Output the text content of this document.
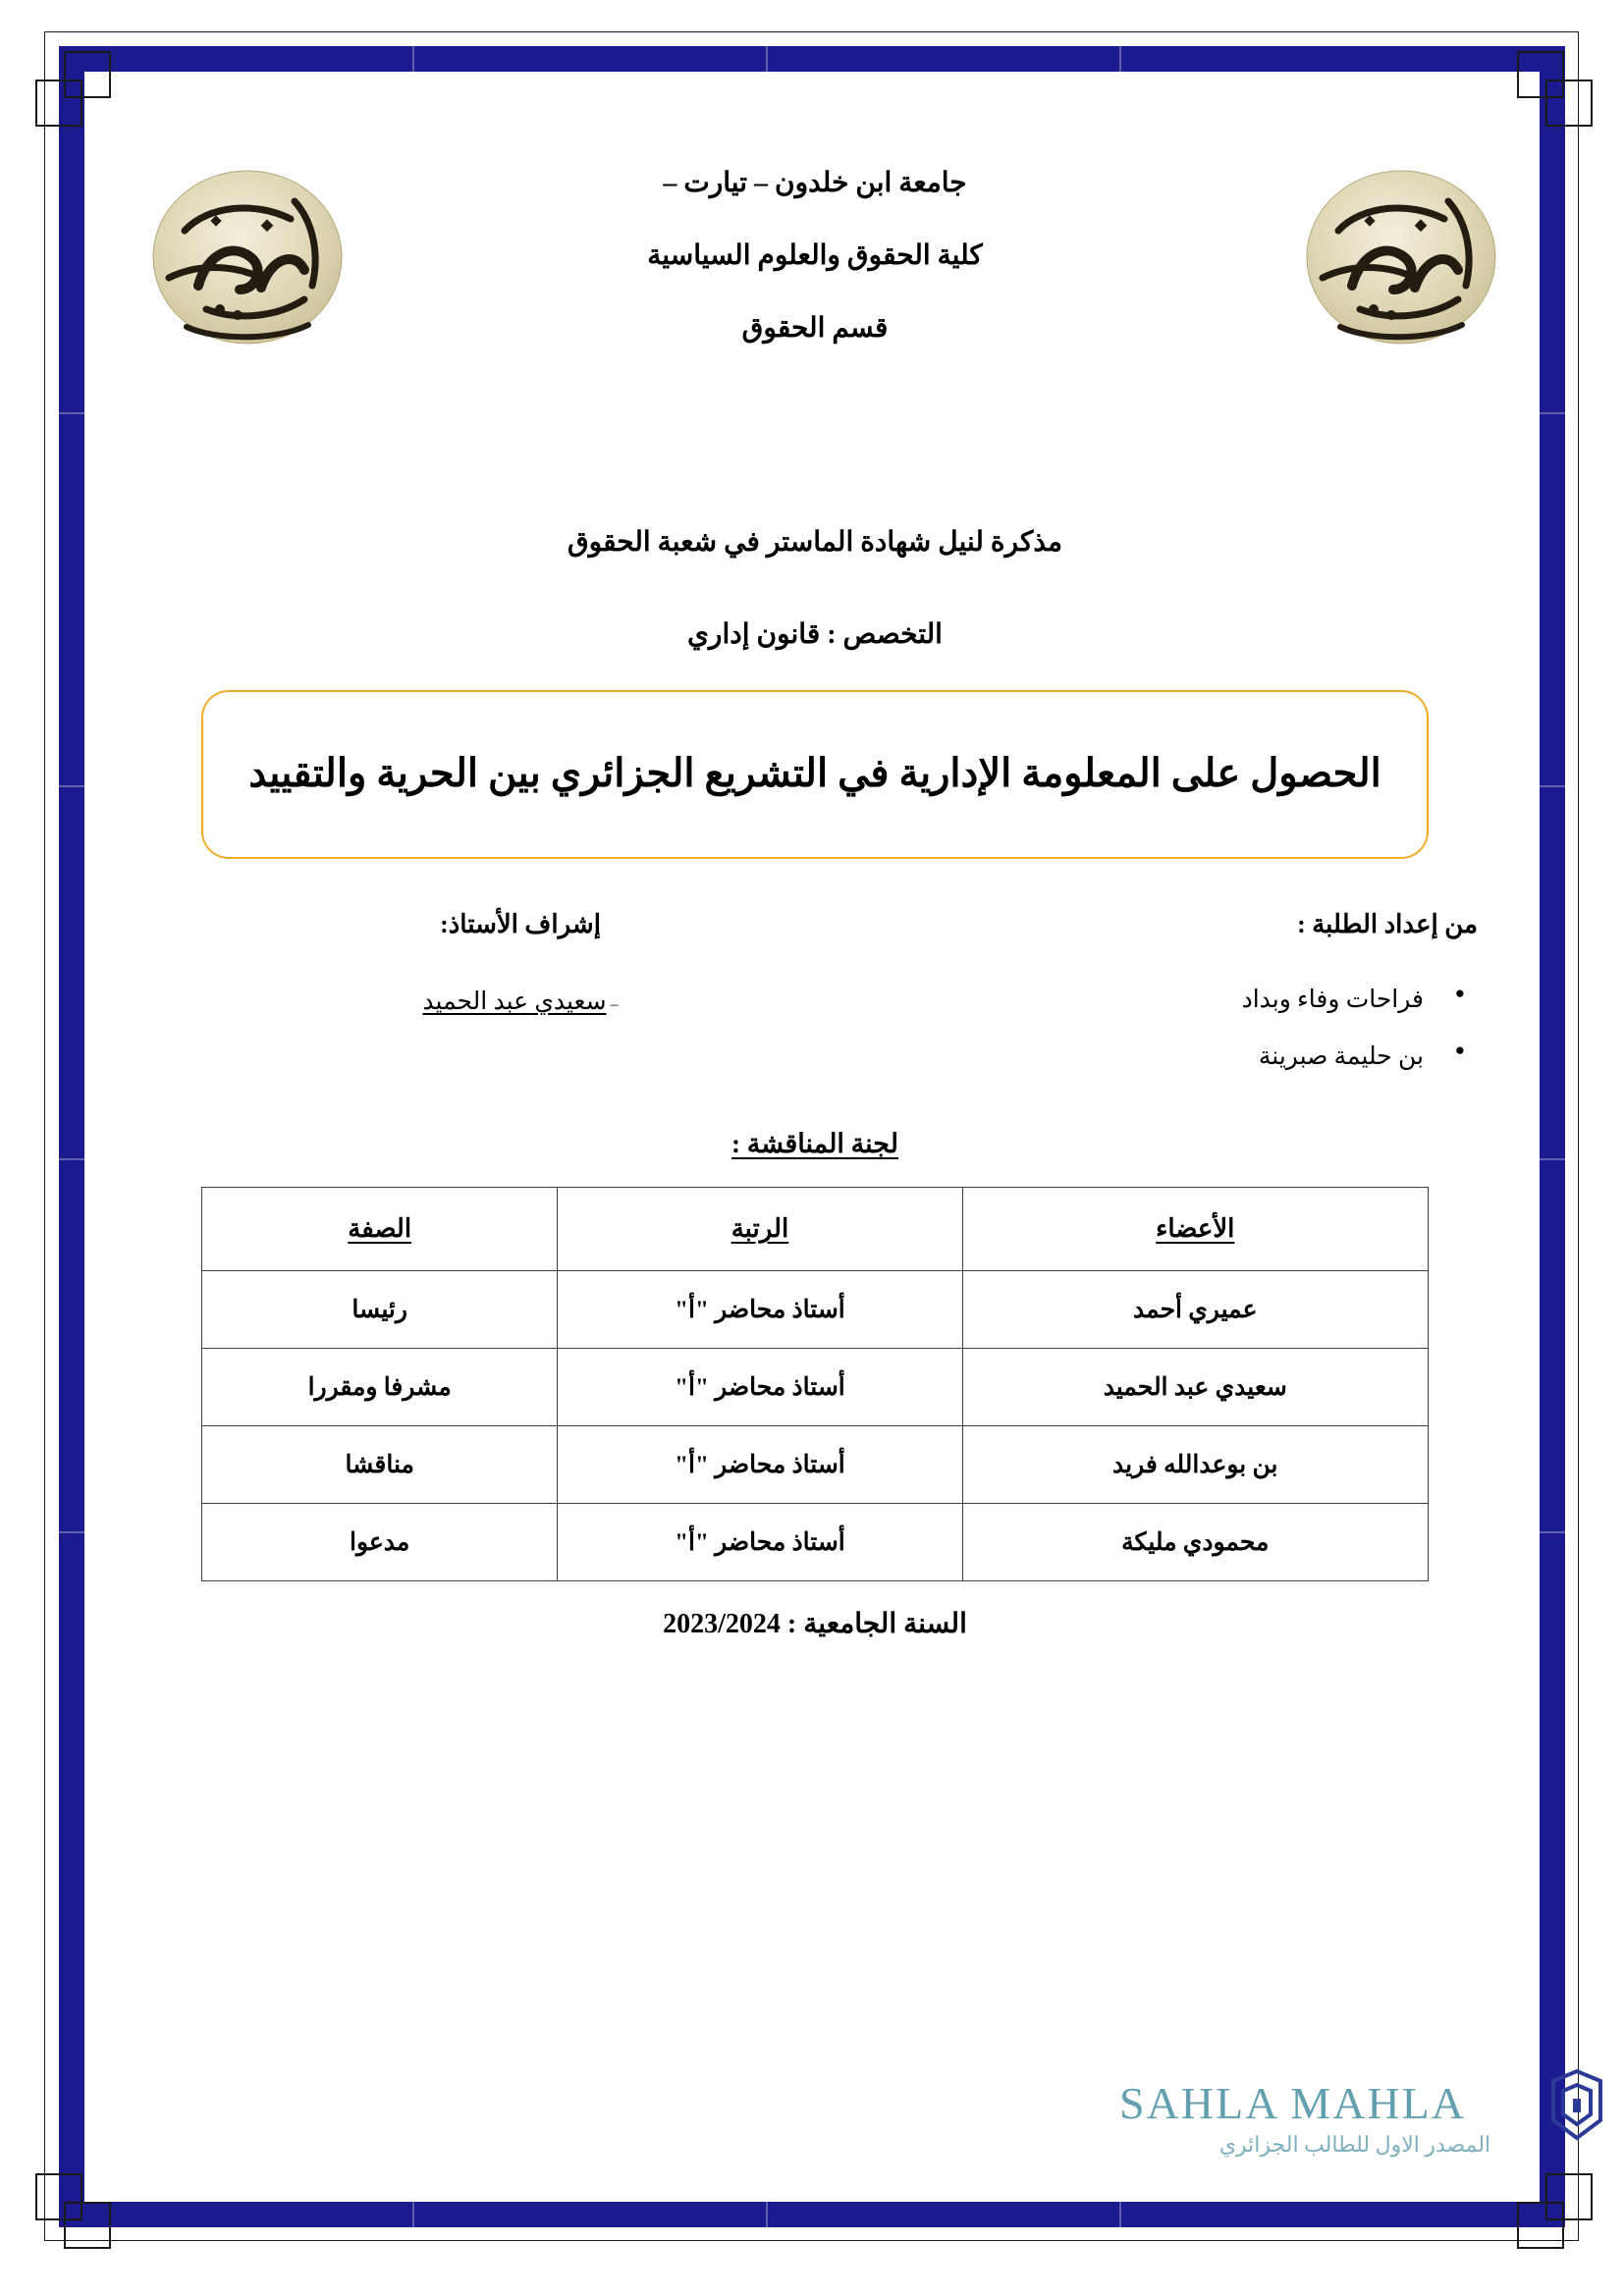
جامعة ابن خلدون – تيارت –
كلية الحقوق والعلوم السياسية
قسم الحقوق
مذكرة لنيل شهادة الماستر في شعبة الحقوق
التخصص : قانون إداري
الحصول على المعلومة الإدارية في التشريع الجزائري بين الحرية والتقييد
من إعداد الطلبة :
● فراحات وفاء وبداد
● بن حليمة صبرينة
إشراف الأستاذ:
– سعيدي عبد الحميد
لجنة المناقشة :
الأعضاء	الرتبة	الصفة
عميري أحمد	أستاذ محاضر "أ"	رئيسا
سعيدي عبد الحميد	أستاذ محاضر "أ"	مشرفا ومقررا
بن بوعدالله فريد	أستاذ محاضر "أ"	مناقشا
محمودي مليكة	أستاذ محاضر "أ"	مدعوا
السنة الجامعية : 2023/2024
SAHLA MAHLA
المصدر الاول للطالب الجزائري
